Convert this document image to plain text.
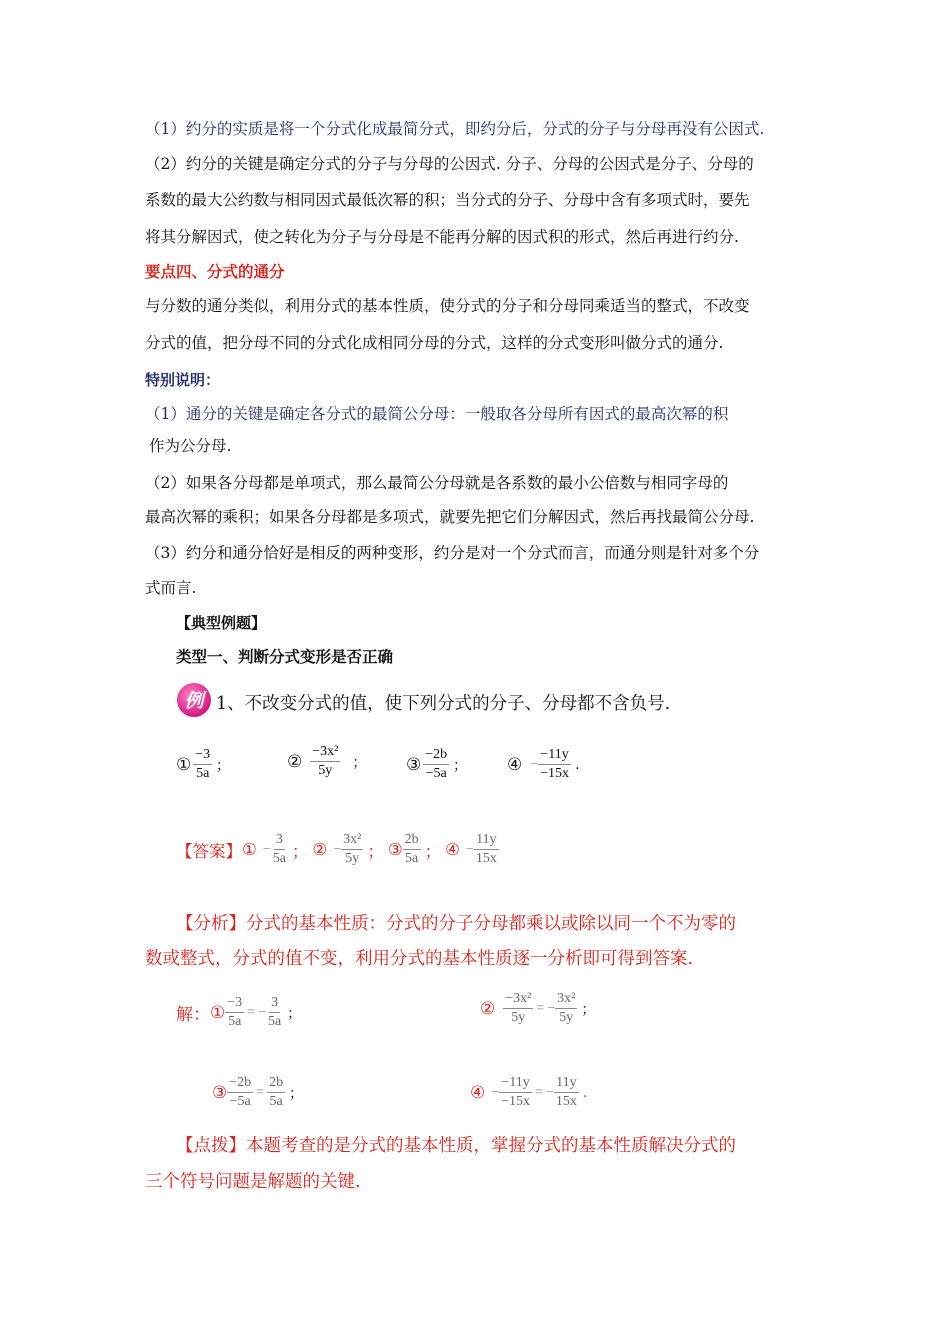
（1）约分的实质是将一个分式化成最简分式，即约分后，分式的分子与分母再没有公因式.
（2）约分的关键是确定分式的分子与分母的公因式. 分子、分母的公因式是分子、分母的
系数的最大公约数与相同因式最低次幂的积；当分式的分子、分母中含有多项式时，要先
将其分解因式，使之转化为分子与分母是不能再分解的因式积的形式，然后再进行约分.
要点四、分式的通分
与分数的通分类似，利用分式的基本性质，使分式的分子和分母同乘适当的整式，不改变
分式的值，把分母不同的分式化成相同分母的分式，这样的分式变形叫做分式的通分.
特别说明：
（1）通分的关键是确定各分式的最简公分母：一般取各分母所有因式的最高次幂的积
作为公分母.
（2）如果各分母都是单项式，那么最简公分母就是各系数的最小公倍数与相同字母的
最高次幂的乘积；如果各分母都是多项式，就要先把它们分解因式，然后再找最简公分母.
（3）约分和通分恰好是相反的两种变形，约分是对一个分式而言，而通分则是针对多个分
式而言.
【典型例题】
类型一、判断分式变形是否正确
例 1、不改变分式的值，使下列分式的分子、分母都不含负号.
① $\frac{-3}{5a}$ ；	② $\frac{\text{−3x²}}{5y}$ ； ③ $\frac{-2b}{-5a}$ ； ④ − $\frac{-11y}{-15x}$ .
【答案】 ① − $\frac{3}{5a}$ ； ② − $\frac{\text{3x²}}{5y}$ ； ③ $\frac{2b}{5a}$ ； ④ − $\frac{11y}{15x}$
【分析】分式的基本性质：分式的分子分母都乘以或除以同一个不为零的
数或整式，分式的值不变，利用分式的基本性质逐一分析即可得到答案.
解： ① $\frac{-3}{5a}$ = − $\frac{3}{5a}$ ；	② $\frac{\text{−3x²}}{5y}$ = − $\frac{\text{3x²}}{5y}$ ；
③ $\frac{-2b}{-5a} = \frac{2b}{5a}$ ；	④ − $\frac{-11y}{-15x}$ = − $\frac{11y}{15x}$ .
【点拨】本题考查的是分式的基本性质，掌握分式的基本性质解决分式的
三个符号问题是解题的关键.
